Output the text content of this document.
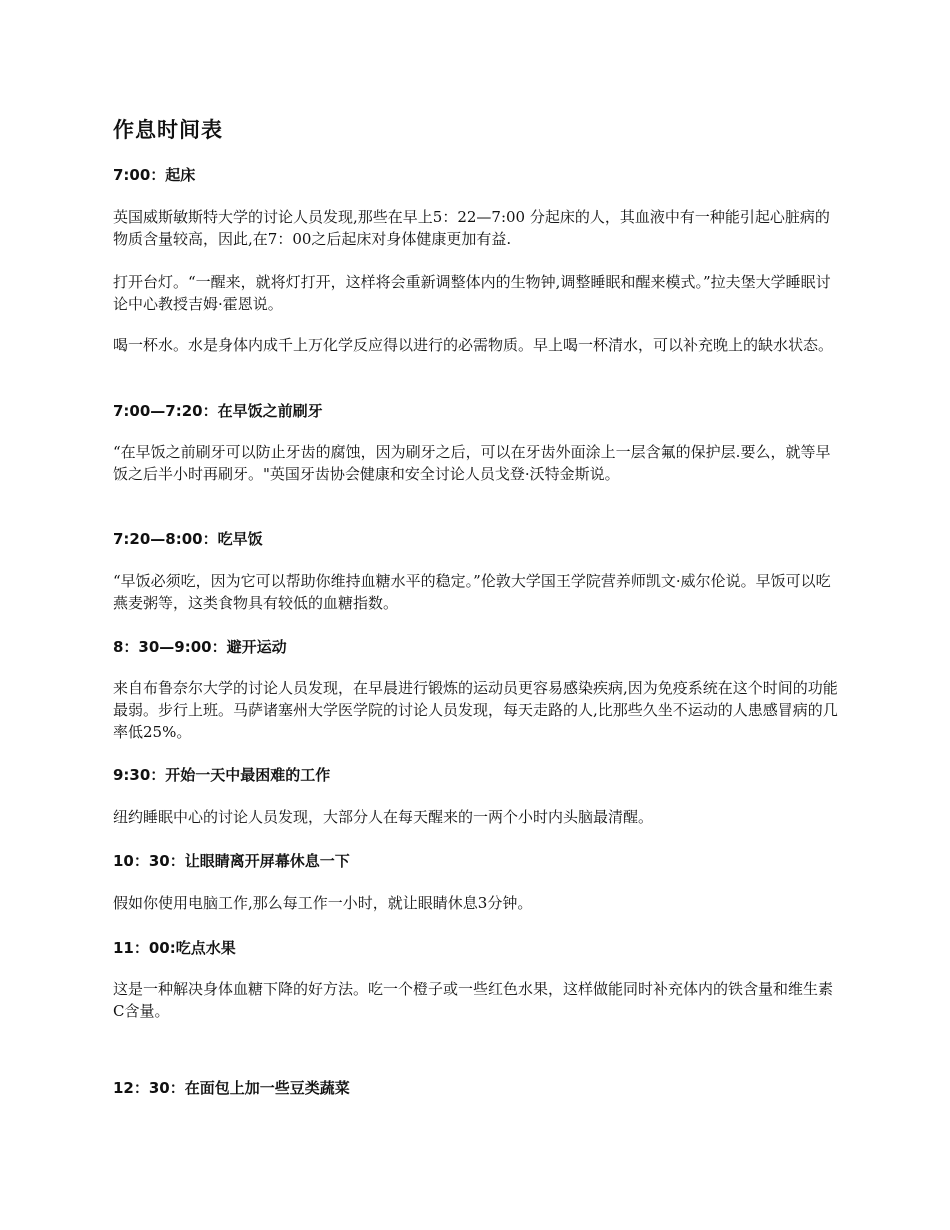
作息时间表
7:00：起床

英国威斯敏斯特大学的讨论人员发现,那些在早上5：22—7:00 分起床的人，其血液中有一种能引起心脏病的物质含量较高，因此,在7：00之后起床对身体健康更加有益.

打开台灯。“一醒来，就将灯打开，这样将会重新调整体内的生物钟,调整睡眠和醒来模式。”拉夫堡大学睡眠讨论中心教授吉姆·霍恩说。

喝一杯水。水是身体内成千上万化学反应得以进行的必需物质。早上喝一杯清水，可以补充晚上的缺水状态。

7:00—7:20：在早饭之前刷牙

“在早饭之前刷牙可以防止牙齿的腐蚀，因为刷牙之后，可以在牙齿外面涂上一层含氟的保护层.要么，就等早饭之后半小时再刷牙。"英国牙齿协会健康和安全讨论人员戈登·沃特金斯说。

7:20—8:00：吃早饭

“早饭必须吃，因为它可以帮助你维持血糖水平的稳定。”伦敦大学国王学院营养师凯文·威尔伦说。早饭可以吃燕麦粥等，这类食物具有较低的血糖指数。

8：30—9:00：避开运动

来自布鲁奈尔大学的讨论人员发现，在早晨进行锻炼的运动员更容易感染疾病,因为免疫系统在这个时间的功能最弱。步行上班。马萨诸塞州大学医学院的讨论人员发现，每天走路的人,比那些久坐不运动的人患感冒病的几率低25%。

9:30：开始一天中最困难的工作

纽约睡眠中心的讨论人员发现，大部分人在每天醒来的一两个小时内头脑最清醒。

10：30：让眼睛离开屏幕休息一下

假如你使用电脑工作,那么每工作一小时，就让眼睛休息3分钟。

11：00:吃点水果

这是一种解决身体血糖下降的好方法。吃一个橙子或一些红色水果，这样做能同时补充体内的铁含量和维生素C含量。

12：30：在面包上加一些豆类蔬菜
